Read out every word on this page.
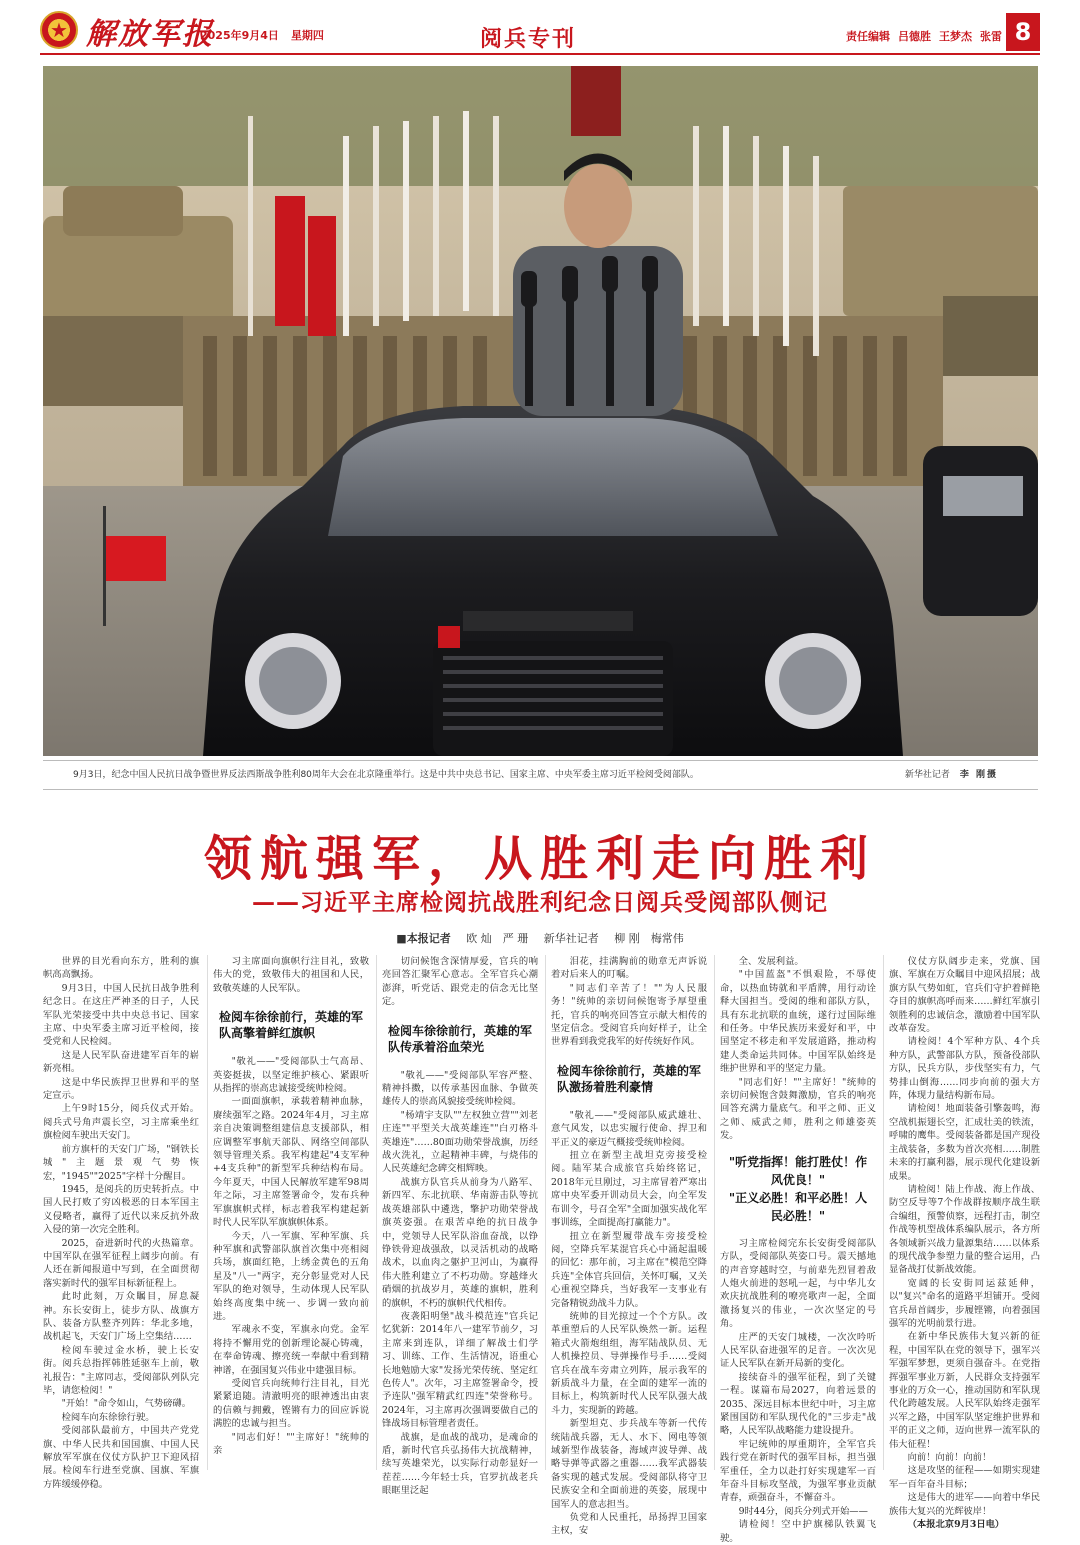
★ 解放军报
2025年9月4日 星期四	阅兵专刊	责任编辑 吕德胜 王梦杰 张雷 8
9月3日，纪念中国人民抗日战争暨世界反法西斯战争胜利80周年大会在北京隆重举行。这是中共中央总书记、国家主席、中央军委主席习近平检阅受阅部队。	新华社记者 李 刚摄
领航强军，从胜利走向胜利
——习近平主席检阅抗战胜利纪念日阅兵受阅部队侧记
■本报记者 欧 灿　严 珊 新华社记者 柳 刚　梅常伟

世界的目光看向东方，胜利的旗帜高高飘扬。

9月3日，中国人民抗日战争胜利纪念日。在这庄严神圣的日子，人民军队光荣接受中共中央总书记、国家主席、中央军委主席习近平检阅，接受党和人民检阅。

这是人民军队奋进建军百年的崭新亮相。

这是中华民族捍卫世界和平的坚定宣示。

上午9时15分，阅兵仪式开始。阅兵式号角声震长空，习主席乘坐红旗检阅车驶出天安门。

前方旗杆的天安门广场，"钢铁长城"主题景观气势恢宏，"1945""2025"字样十分醒目。

1945，是阅兵的历史转折点。中国人民打败了穷凶极恶的日本军国主义侵略者，赢得了近代以来反抗外敌入侵的第一次完全胜利。

2025，奋进新时代的火热篇章。中国军队在强军征程上阔步向前。有人还在新闻报道中写到，在全面贯彻落实新时代的强军目标新征程上。

此时此刻，万众瞩目，屏息凝神。东长安街上，徒步方队、战旗方队、装备方队整齐列阵：华北多地，战机起飞，天安门广场上空集结……

检阅车驶过金水桥，驶上长安街。阅兵总指挥韩胜延驱车上前，敬礼报告："主席同志，受阅部队列队完毕，请您检阅！"

"开始！"命令如山，气势磅礴。

检阅车向东徐徐行驶。

受阅部队最前方，中国共产党党旗、中华人民共和国国旗、中国人民解放军军旗在仪仗方队护卫下迎风招展。检阅车行进至党旗、国旗、军旗方阵缓缓停稳。

习主席面向旗帜行注目礼，致敬伟大的党，致敬伟大的祖国和人民，致敬英雄的人民军队。

检阅车徐徐前行，英雄的军队高擎着鲜红旗帜

"敬礼——"受阅部队士气高昂、英姿挺拔，以坚定维护核心、紧跟听从指挥的崇高忠诚接受统帅检阅。

一面面旗帜，承载着精神血脉，赓续强军之路。2024年4月，习主席亲自决策调整组建信息支援部队，相应调整军事航天部队、网络空间部队领导管理关系。我军构建起"4支军种+4支兵种"的新型军兵种结构布局。今年夏天，中国人民解放军建军98周年之际，习主席签署命令，发布兵种军旗旗帜式样，标志着我军构建起新时代人民军队军旗旗帜体系。

今天，八一军旗、军种军旗、兵种军旗和武警部队旗首次集中亮相阅兵场，旗面红艳，上绣金黄色的五角星及"八一"两字，充分彰显党对人民军队的绝对领导，生动体现人民军队始终高度集中统一、步调一致向前进。

军魂永不变，军旗永向党。金军将持不懈用党的创新理论凝心铸魂，在奉命铸魂、擦亮统一奉献中看到精神谱，在强国复兴伟业中建强目标。

受阅官兵向统帅行注目礼，目光紧紧追随。清澈明亮的眼神透出由衷的信赖与拥戴，铿锵有力的回应诉说满腔的忠诚与担当。

"同志们好！""主席好！"统帅的亲

切问候饱含深情厚爱，官兵的响亮回答汇聚军心意志。全军官兵心潮澎湃，听党话、跟党走的信念无比坚定。

检阅车徐徐前行，英雄的军队传承着浴血荣光

"敬礼——"受阅部队军容严整、精神抖擞，以传承基因血脉、争做英雄传人的崇高风貌接受统帅检阅。

"杨靖宇支队""左权独立营""刘老庄连""平型关大战英雄连""白刃格斗英雄连"……80面功勋荣誉战旗，历经战火洗礼，立起精神丰碑，与烧伟的人民英雄纪念碑交相辉映。

战旗方队官兵从前身为八路军、新四军、东北抗联、华南游击队等抗战英雄部队中遴选，擎护功勋荣誉战旗英姿强。在艰苦卓绝的抗日战争中，党领导人民军队浴血奋战，以铮铮铁骨迎战强敌，以灵活机动的战略战术，以血肉之躯护卫河山，为赢得伟大胜利建立了不朽功勋。穿越烽火硝烟的抗战岁月，英雄的旗帜，胜利的旗帜，不朽的旗帜代代相传。

夜袭阳明堡"战斗模范连"官兵记忆犹新：2014年八一建军节前夕，习主席来到连队，详细了解战士们学习、训练、工作、生活情况，语重心长地勉励大家"发扬光荣传统、坚定红色传人"。次年，习主席签署命令，授予连队"强军精武红四连"荣誉称号。2024年，习主席再次强调要做自己的锋战场目标管理者责任。

战旗，是血战的战功，是魂命的盾，新时代官兵弘扬伟大抗战精神，续写英雄荣光，以实际行动彰显好一茬茬……今年轻士兵，官罗抗战老兵眼眶里泛起

泪花，挂满胸前的勋章无声诉说着对后来人的叮嘱。

"同志们辛苦了！""为人民服务！"统帅的亲切问候饱寄予厚望重托，官兵的响亮回答宣示献大相传的坚定信念。受阅官兵向好样子，让全世界看到我党我军的好传统好作风。

检阅车徐徐前行，英雄的军队激扬着胜利豪情

"敬礼——"受阅部队威武雄壮、意气风发，以忠实履行使命、捍卫和平正义的豪迈气概接受统帅检阅。

扭立在新型主战坦克旁接受检阅。陆军某合成旅官兵始终铭记，2018年元旦刚过，习主席冒着严寒出席中央军委开训动员大会，向全军发布训令，号召全军"全面加强实战化军事训练，全面提高打赢能力"。

扭立在新型履带战车旁接受检阅，空降兵军某混官兵心中涌起温暖的回忆：那年前，习主席在"模范空降兵连"全体官兵回信，关怀叮嘱，又关心重视空降兵，当好我军一支事业有完备精锐劲战斗力队。

统帅的目光掠过一个个方队。改革重塑后的人民军队焕然一新。运程箱式火箭炮组组，海军陆战队员、无人机操控员、导弹操作号手……受阅官兵在战车旁肃立列阵，展示我军的新质战斗力量，在全面的建军一流的目标上，构筑新时代人民军队强大战斗力，实现新的跨越。

新型坦克、步兵战车等新一代传统陆战兵器，无人、水下、网电等领域新型作战装备，海域声波导弹、战略导弹等武器之重器……我军武器装备实现的越式发展。受阅部队将守卫民族安全和全面前进的英姿，展现中国军人的意志担当。

负党和人民重托，昂扬捍卫国家主权，安

全、发展利益。

"中国蓝盔"不惧艰险，不辱使命，以热血铸就和平盾牌，用行动诠释大国担当。受阅的维和部队方队，具有东北抗联的血统，遂行过国际维和任务。中华民族历来爱好和平，中国坚定不移走和平发展道路，推动构建人类命运共同体。中国军队始终是维护世界和平的坚定力量。

"同志们好！""主席好！"统帅的亲切问候饱含鼓舞激励，官兵的响亮回答充满力量底气。和平之师、正义之师、威武之师，胜利之师雄姿英发。

"听党指挥！能打胜仗！作风优良！"
"正义必胜！和平必胜！人民必胜！"

习主席检阅完东长安街受阅部队方队，受阅部队英姿口号。震天撼地的声音穿越时空，与前辈先烈冒着敌人炮火前进的怒吼一起，与中华儿女欢庆抗战胜利的嘹亮歌声一起，全面激扬复兴的伟业，一次次坚定的号角。

庄严的天安门城楼，一次次吟听人民军队奋进强军的足音。一次次见证人民军队在新开局新的变化。

接续奋斗的强军征程，到了关键一程。谋篇布局2027，向着远景的2035、深远目标本世纪中叶，习主席紧围国防和军队现代化的"三步走"战略，人民军队战略能力建设提升。

牢记统帅的厚重期许，全军官兵践行党在新时代的强军目标，担当强军重任，全力以赴打好实现建军一百年奋斗目标攻坚战，为强军事业贡献青春，顽强奋斗，不懈奋斗。

9时44分，阅兵分列式开始——

请检阅！空中护旗梯队铁翼飞驶。

仪仗方队阔步走来，党旗、国旗、军旗在万众瞩目中迎风招展；战旗方队气势如虹，官兵们守护着鲜艳夺目的旗帜高呼而来……鲜红军旗引领胜利的忠诚信念，激励着中国军队改革奋发。

请检阅！4个军种方队、4个兵种方队，武警部队方队，预备役部队方队，民兵方队，步伐坚实有力，气势排山倒海……同步向前的强大方阵，体现力量结构新布局。

请检阅！地面装备引擎轰鸣，海空战机振翅长空，汇成壮美的铁流，呼啸的鹰隼。受阅装备都是国产现役主战装备，多数为首次亮相……制胜未来的打赢利器，展示现代化建设新成果。

请检阅！陆上作战、海上作战、防空反导等7个作战群按顺序战生联合编组，预警侦察，远程打击，制空作战等机型战体系编队展示，各方所各领域新兴战力量源集结……以体系的现代战争参塑力量的整合运用，凸显备战打仗新战效能。

宽阔的长安街同运兹延伸，以"复兴"命名的道路平坦铺开。受阅官兵昂首阔步，步履铿锵，向着强国强军的光明前景行进。

在新中华民族伟大复兴新的征程，中国军队在党的领导下，强军兴军强军梦想，更须自强奋斗。在党指挥强军事业万新，人民群众支持强军事业的万众一心，推动国防和军队现代化跨越发展。人民军队始终走强军兴军之路，中国军队坚定维护世界和平的正义之师，迈向世界一流军队的伟大征程！

向前！向前！向前！

这是攻坚的征程——如期实现建军一百年奋斗目标；

这是伟大的进军——向着中华民族伟大复兴的光辉彼岸！

（本报北京9月3日电）
